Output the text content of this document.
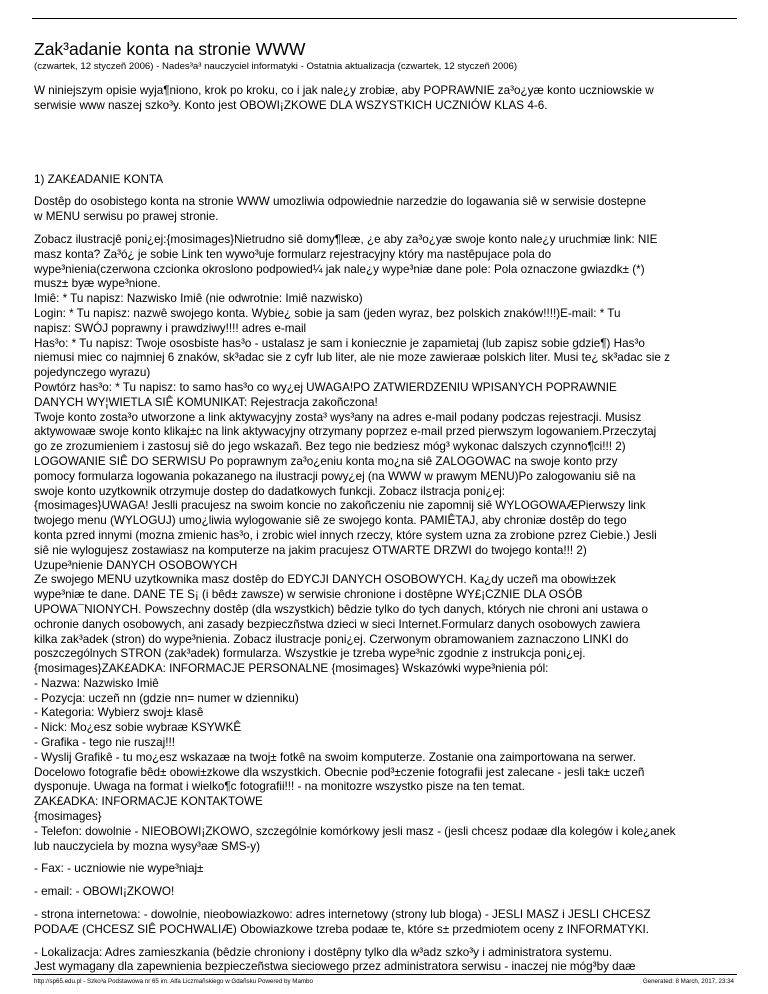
Zak³adanie konta na stronie WWW
(czwartek, 12 styczeñ 2006) - Nades³a³ nauczyciel informatyki - Ostatnia aktualizacja (czwartek, 12 styczeñ 2006)

W niniejszym opisie wyja¶niono, krok po kroku, co i jak nale¿y zrobiæ, aby POPRAWNIE za³o¿yæ konto uczniowskie w

serwisie www naszej szko³y. Konto jest OBOWI¡ZKOWE DLA WSZYSTKICH UCZNIÓW KLAS 4-6.

1) ZAK£ADANIE KONTA

Dostêp do osobistego konta na stronie WWW umozliwia odpowiednie narzedzie do logawania siê w serwisie dostepne

w MENU serwisu po prawej stronie.

Zobacz ilustracjê poni¿ej:{mosimages}Nietrudno siê domy¶leæ, ¿e aby za³o¿yæ swoje konto nale¿y uruchmiæ link: NIE

masz konta? Za³ó¿ je sobie Link ten wywo³uje formularz rejestracyjny który ma nastêpujace pola do

wype³nienia(czerwona czcionka okroslono podpowied¼ jak nale¿y wype³niæ dane pole: Pola oznaczone gwiazdk± (*)

musz± byæ wype³nione.

Imiê: * Tu napisz: Nazwisko Imiê (nie odwrotnie: Imiê nazwisko)

Login: * Tu napisz: nazwê swojego konta. Wybie¿ sobie ja sam (jeden wyraz, bez polskich znaków!!!!)E-mail: * Tu

napisz: SWÓJ poprawny i prawdziwy!!!! adres e-mail

Has³o: * Tu napisz: Twoje ososbiste has³o - ustalasz je sam i koniecznie je zapamietaj (lub zapisz sobie gdzie¶) Has³o

niemusi miec co najmniej 6 znaków, sk³adac sie z cyfr lub liter, ale nie moze zawieraæ polskich liter. Musi te¿ sk³adac sie z

pojedynczego wyrazu)

Powtórz has³o: * Tu napisz: to samo has³o co wy¿ej UWAGA!PO ZATWIERDZENIU WPISANYCH POPRAWNIE

DANYCH WY¦WIETLA SIÊ KOMUNIKAT: Rejestracja zakoñczona!

Twoje konto zosta³o utworzone a link aktywacyjny zosta³ wys³any na adres e-mail podany podczas rejestracji. Musisz

aktywowaæ swoje konto klikaj±c na link aktywacyjny otrzymany poprzez e-mail przed pierwszym logowaniem.Przeczytaj

go ze zrozumieniem i zastosuj siê do jego wskazañ. Bez tego nie bedziesz móg³ wykonac dalszych czynno¶ci!!! 2)

LOGOWANIE SIÊ DO SERWISU Po poprawnym za³o¿eniu konta mo¿na siê ZALOGOWAC na swoje konto przy

pomocy formularza logowania pokazanego na ilustracji powy¿ej (na WWW w prawym MENU)Po zalogowaniu siê na

swoje konto uzytkownik otrzymuje dostep do dadatkowych funkcji. Zobacz ilstracja poni¿ej:

{mosimages}UWAGA! Jeslli pracujesz na swoim koncie no zakoñczeniu nie zapomnij siê WYLOGOWAÆPierwszy link

twojego menu (WYLOGUJ) umo¿liwia wylogowanie siê ze swojego konta. PAMIÊTAJ, aby chroniæ dostêp do tego

konta pzred innymi (mozna zmienic has³o, i zrobic wiel innych rzeczy, które system uzna za zrobione pzrez Ciebie.) Jesli

siê nie wylogujesz zostawiasz na komputerze na jakim pracujesz OTWARTE DRZWI do twojego konta!!! 2)

Uzupe³nienie DANYCH OSOBOWYCH

Ze swojego MENU uzytkownika masz dostêp do EDYCJI DANYCH OSOBOWYCH. Ka¿dy uczeñ ma obowi±zek

wype³niæ te dane. DANE TE S¡ (i bêd± zawsze) w serwisie chronione i dostêpne WY£¡CZNIE DLA OSÓB

UPOWA¯NIONYCH. Powszechny dostêp (dla wszystkich) bêdzie tylko do tych danych, których nie chroni ani ustawa o

ochronie danych osobowych, ani zasady bezpieczñstwa dzieci w sieci Internet.Formularz danych osobowych zawiera

kilka zak³adek (stron) do wype³nienia. Zobacz ilustracje poni¿ej. Czerwonym obramowaniem zaznaczono LINKI do

poszczególnych STRON (zak³adek) formularza. Wszystkie je tzreba wype³nic zgodnie z instrukcja poni¿ej.

{mosimages}ZAK£ADKA: INFORMACJE PERSONALNE {mosimages} Wskazówki wype³nienia pól:

- Nazwa: Nazwisko Imiê

- Pozycja: uczeñ nn (gdzie nn= numer w dzienniku)

- Kategoria: Wybierz swoj± klasê

- Nick: Mo¿esz sobie wybraæ KSYWKÊ

- Grafika - tego nie ruszaj!!!

- Wyslij Grafikê - tu mo¿esz wskazaæ na twoj± fotkê na swoim komputerze. Zostanie ona zaimportowana na serwer.

Docelowo fotografie bêd± obowi±zkowe dla wszystkich. Obecnie pod³±czenie fotografii jest zalecane - jesli tak± uczeñ

dysponuje. Uwaga na format i wielko¶c fotografii!!! - na monitozre wszystko pisze na ten temat.

ZAK£ADKA: INFORMACJE KONTAKTOWE

{mosimages}

- Telefon: dowolnie - NIEOBOWI¡ZKOWO, szczególnie komórkowy jesli masz - (jesli chcesz podaæ dla kolegów i kole¿anek

lub nauczyciela by mozna wysy³aæ SMS-y)

- Fax: - uczniowie nie wype³niaj±

- email: - OBOWI¡ZKOWO!

- strona internetowa: - dowolnie, nieobowiazkowo: adres internetowy (strony lub bloga) - JESLI MASZ i JESLI CHCESZ

PODAÆ (CHCESZ SIÊ POCHWALIÆ) Obowiazkowe tzreba podaæ te, które s± przedmiotem oceny z INFORMATYKI.

- Lokalizacja: Adres zamieszkania (bêdzie chroniony i dostêpny tylko dla w³adz szko³y i administratora systemu.

Jest wymagany dla zapewnienia bezpieczeñstwa sieciowego przez administratora serwisu - inaczej nie móg³by daæ

http://sp65.edu.pl - Szko³a Podstawowa nr 65 im. Alfa Liczmañskiego w Gdañsku Powered by Mambo	Generated: 8 March, 2017, 23:34
